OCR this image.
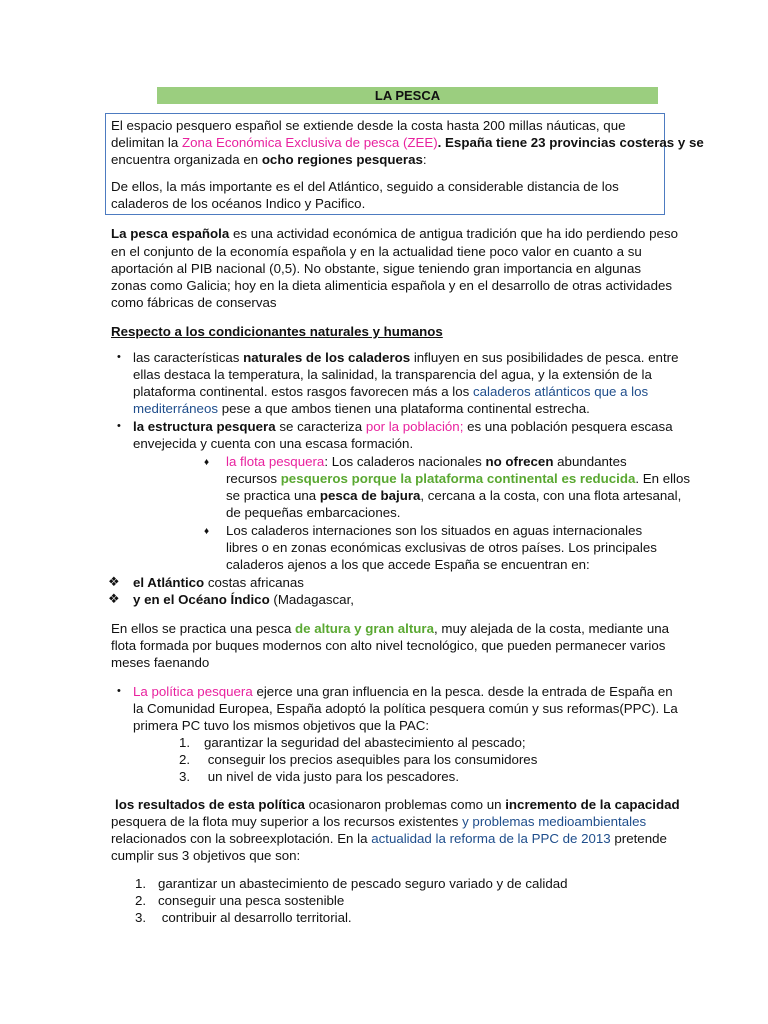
LA PESCA
El espacio pesquero español se extiende desde la costa hasta 200 millas náuticas, que
delimitan la Zona Económica Exclusiva de pesca (ZEE). España tiene 23 provincias costeras y se
encuentra organizada en ocho regiones pesqueras:
De ellos, la más importante es el del Atlántico, seguido a considerable distancia de los
caladeros de los océanos Indico y Pacifico.
La pesca española es una actividad económica de antigua tradición que ha ido perdiendo peso
en el conjunto de la economía española y en la actualidad tiene poco valor en cuanto a su
aportación al PIB nacional (0,5). No obstante, sigue teniendo gran importancia en algunas
zonas como Galicia; hoy en la dieta alimenticia española y en el desarrollo de otras actividades
como fábricas de conservas
Respecto a los condicionantes naturales y humanos
• las características naturales de los caladeros influyen en sus posibilidades de pesca. entre
ellas destaca la temperatura, la salinidad, la transparencia del agua, y la extensión de la
plataforma continental. estos rasgos favorecen más a los caladeros atlánticos que a los
mediterráneos pese a que ambos tienen una plataforma continental estrecha.
• la estructura pesquera se caracteriza por la población; es una población pesquera escasa
envejecida y cuenta con una escasa formación.
♦ la flota pesquera: Los caladeros nacionales no ofrecen abundantes
recursos pesqueros porque la plataforma continental es reducida. En ellos
se practica una pesca de bajura, cercana a la costa, con una flota artesanal,
de pequeñas embarcaciones.
♦ Los caladeros internaciones son los situados en aguas internacionales
libres o en zonas económicas exclusivas de otros países. Los principales
caladeros ajenos a los que accede España se encuentran en:
❖ el Atlántico costas africanas
❖ y en el Océano Índico (Madagascar,
En ellos se practica una pesca de altura y gran altura, muy alejada de la costa, mediante una
flota formada por buques modernos con alto nivel tecnológico, que pueden permanecer varios
meses faenando
• La política pesquera ejerce una gran influencia en la pesca. desde la entrada de España en
la Comunidad Europea, España adoptó la política pesquera común y sus reformas(PPC). La
primera PC tuvo los mismos objetivos que la PAC:
1. garantizar la seguridad del abastecimiento al pescado;
2. conseguir los precios asequibles para los consumidores
3. un nivel de vida justo para los pescadores.
los resultados de esta política ocasionaron problemas como un incremento de la capacidad
pesquera de la flota muy superior a los recursos existentes y problemas medioambientales
relacionados con la sobreexplotación. En la actualidad la reforma de la PPC de 2013 pretende
cumplir sus 3 objetivos que son:
1. garantizar un abastecimiento de pescado seguro variado y de calidad
2. conseguir una pesca sostenible
3. contribuir al desarrollo territorial.
